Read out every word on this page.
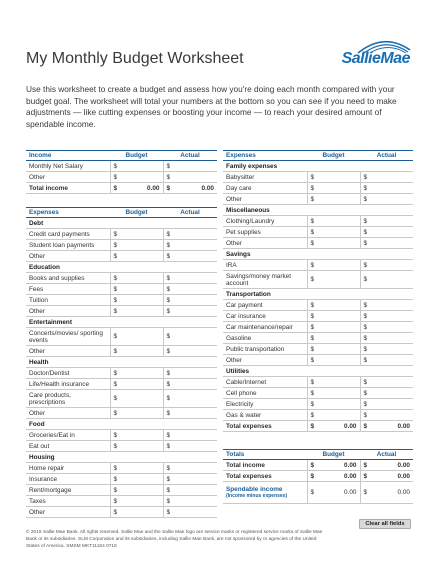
My Monthly Budget Worksheet	SallieMae
Use this worksheet to create a budget and assess how you're doing each month compared with your budget goal. The worksheet will total your numbers at the bottom so you can see if you need to make adjustments — like cutting expenses or boosting your income — to reach your desired amount of spendable income.
Income	Budget	Actual
Monthly Net Salary	$	$
Other	$	$
Total income	$ 0.00	$ 0.00
Expenses	Budget	Actual
Debt		
Credit card payments	$	$
Student loan payments	$	$
Other	$	$
Education		
Books and supplies	$	$
Fees	$	$
Tuition	$	$
Other	$	$
Entertainment		
Concerts/movies/ sporting events	$	$
Other	$	$
Health		
Doctor/Dentist	$	$
Life/Health insurance	$	$
Care products, prescriptions	$	$
Other	$	$
Food		
Groceries/Eat in	$	$
Eat out	$	$
Housing		
Home repair	$	$
Insurance	$	$
Rent/mortgage	$	$
Taxes	$	$
Other	$	$
Expenses	Budget	Actual
Family expenses		
Babysitter	$	$
Day care	$	$
Other	$	$
Miscellaneous		
Clothing/Laundry	$	$
Pet supplies	$	$
Other	$	$
Savings		
IRA	$	$
Savings/money market account	$	$
Transportation		
Car payment	$	$
Car insurance	$	$
Car maintenance/repair	$	$
Gasoline	$	$
Public transportation	$	$
Other	$	$
Utilities		
Cable/Internet	$	$
Cell phone	$	$
Electricity	$	$
Gas & water	$	$
Total expenses	$ 0.00	$ 0.00
Totals	Budget	Actual
Total income	$ 0.00	$ 0.00

Total expenses	$ 0.00	$ 0.00

Spendable income
(Income minus expenses)	$ 0.00	$ 0.00
Clear all fields
© 2015 Sallie Mae Bank. All rights reserved. Sallie Mae and the Sallie Mae logo are service marks or registered service marks of Sallie Mae Bank or its subsidiaries. SLM Corporation and its subsidiaries, including Sallie Mae Bank, are not sponsored by or agencies of the United States of America. SMSM MKT11164 0715
